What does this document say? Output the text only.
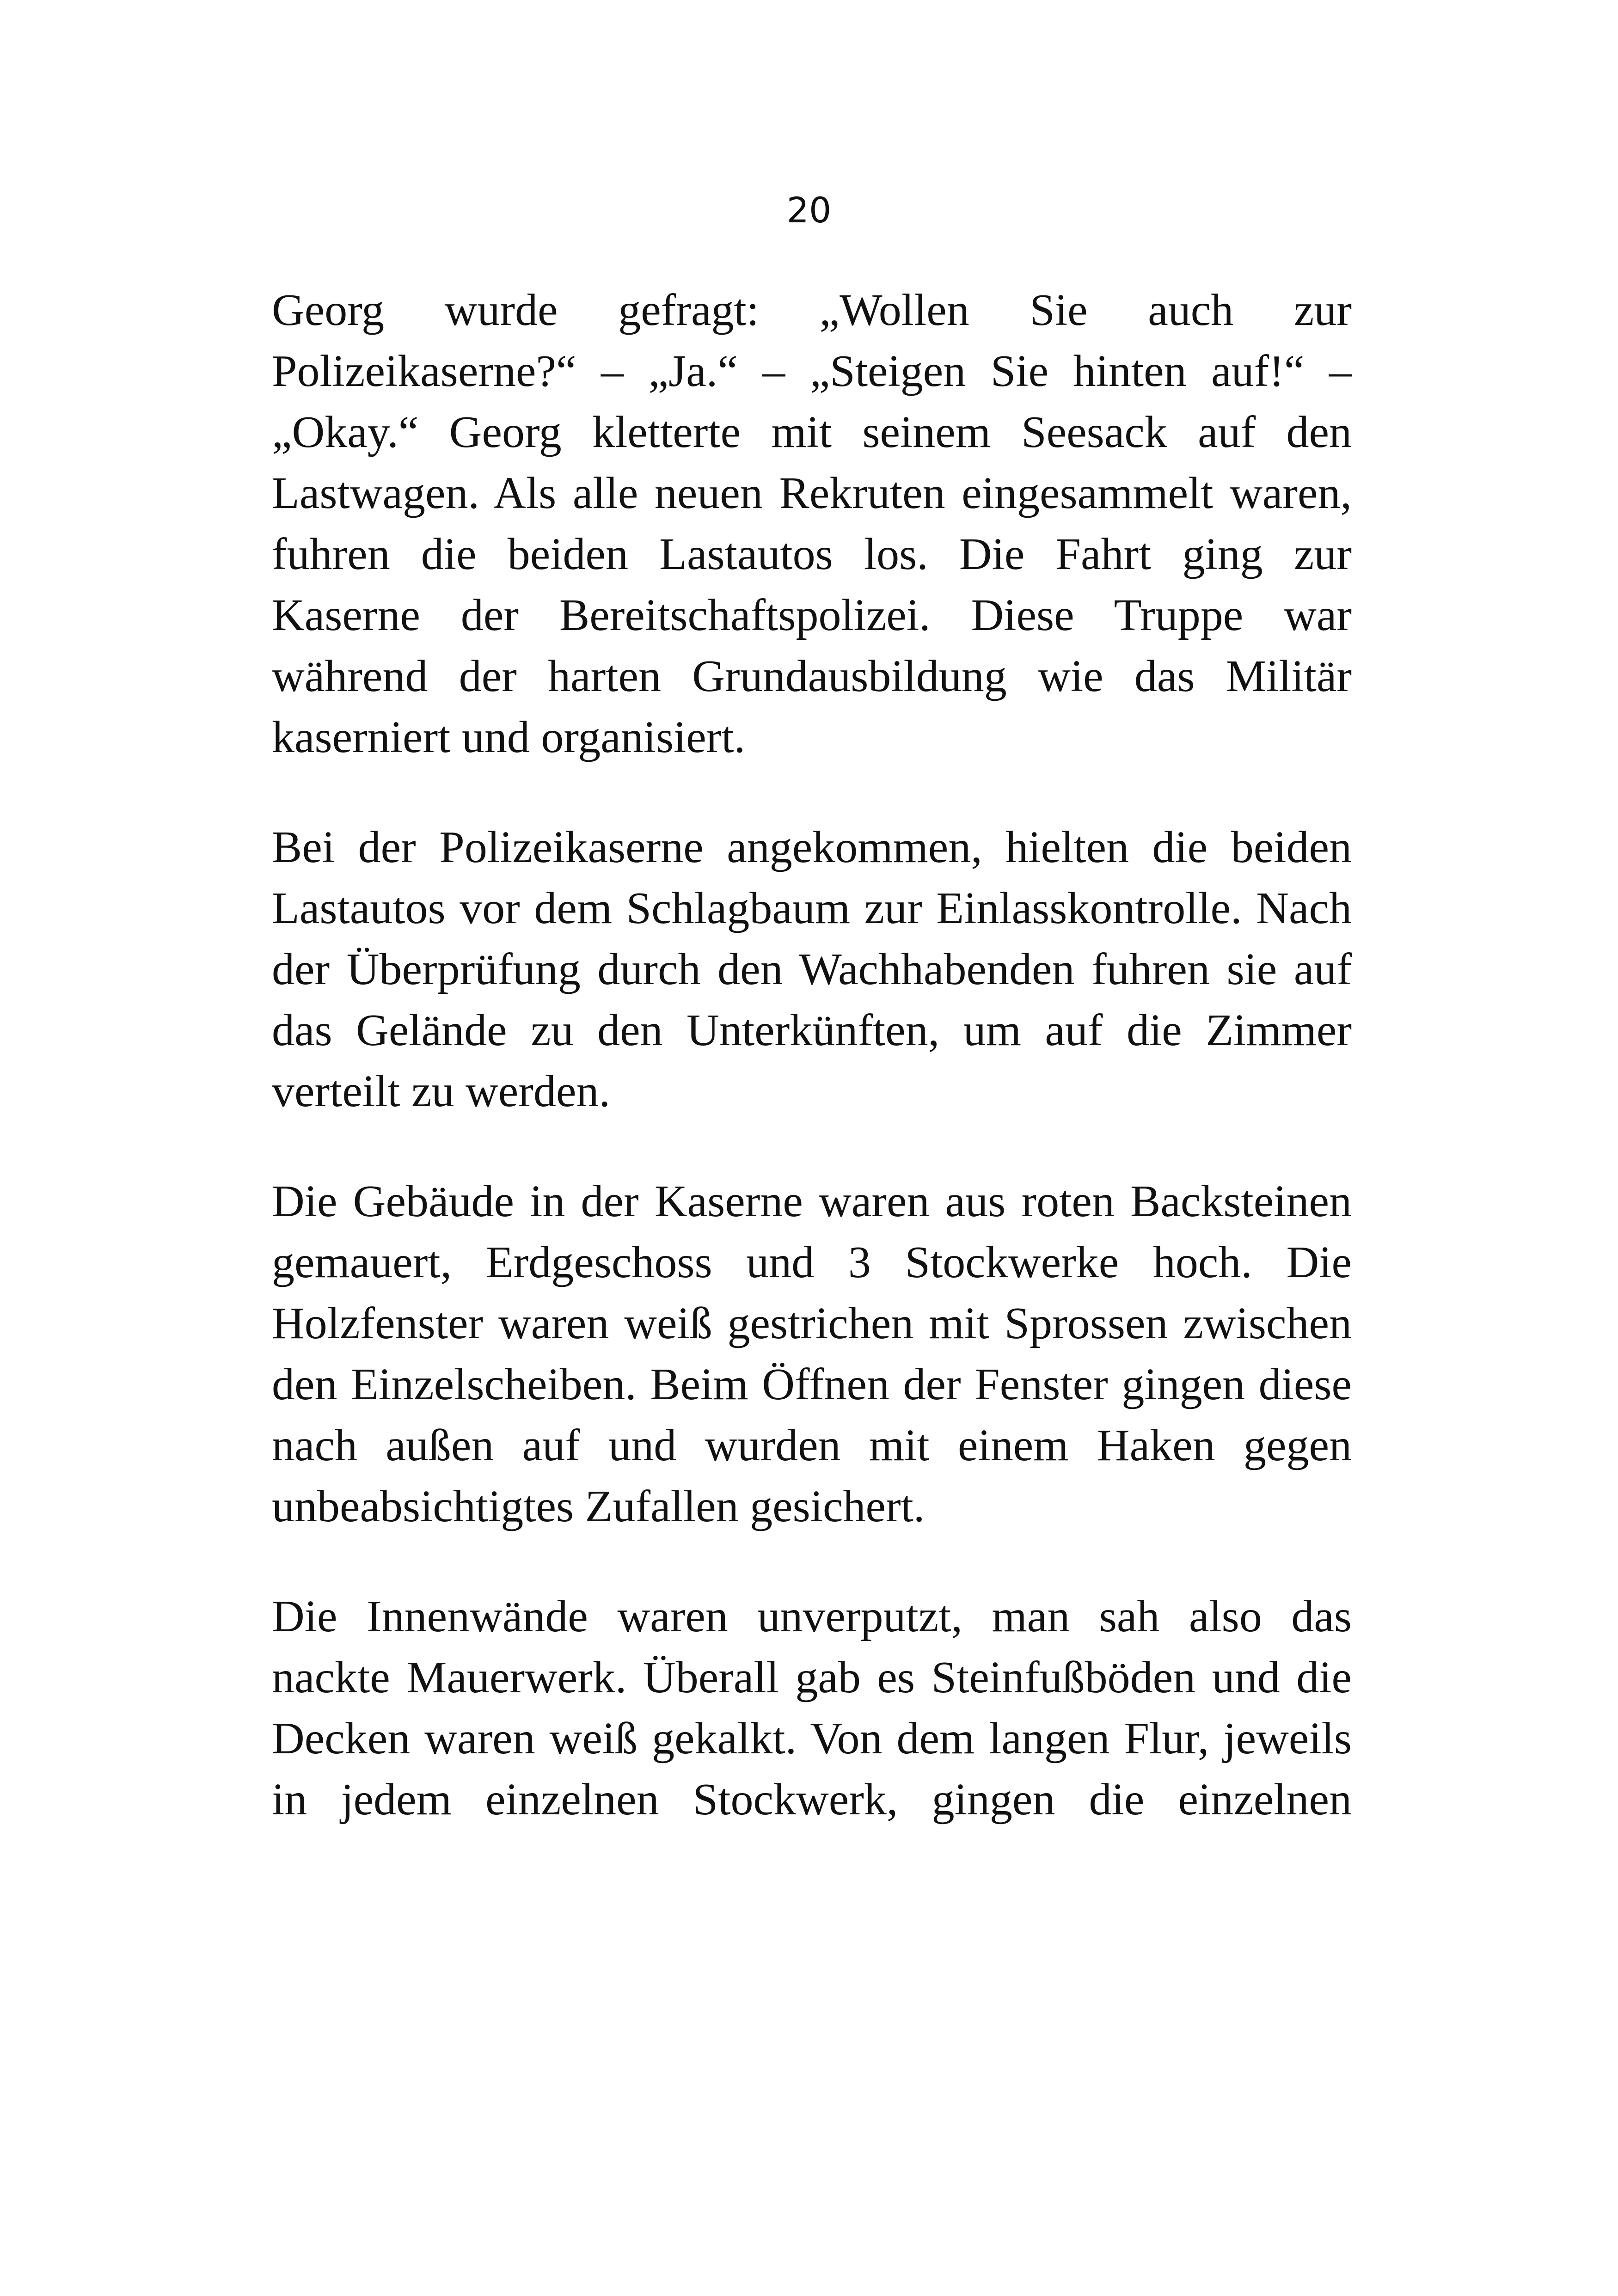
20

Georg wurde gefragt: „Wollen Sie auch zur Polizeikaserne?“ – „Ja.“ – „Steigen Sie hinten auf!“ – „Okay.“ Georg kletterte mit seinem Seesack auf den Lastwagen. Als alle neuen Rekruten eingesammelt waren, fuhren die beiden Lastautos los. Die Fahrt ging zur Kaserne der Bereitschaftspolizei. Diese Truppe war während der harten Grundausbildung wie das Militär kaserniert und organisiert.

Bei der Polizeikaserne angekommen, hielten die beiden Lastautos vor dem Schlagbaum zur Einlasskontrolle. Nach der Überprüfung durch den Wachhabenden fuhren sie auf das Gelände zu den Unterkünften, um auf die Zimmer verteilt zu werden.

Die Gebäude in der Kaserne waren aus roten Backsteinen gemauert, Erdgeschoss und 3 Stockwerke hoch. Die Holzfenster waren weiß gestrichen mit Sprossen zwischen den Einzelscheiben. Beim Öffnen der Fenster gingen diese nach außen auf und wurden mit einem Haken gegen unbeabsichtigtes Zufallen gesichert.

Die Innenwände waren unverputzt, man sah also das nackte Mauerwerk. Überall gab es Steinfußböden und die Decken waren weiß gekalkt. Von dem langen Flur, jeweils in jedem einzelnen Stockwerk, gingen die einzelnen
